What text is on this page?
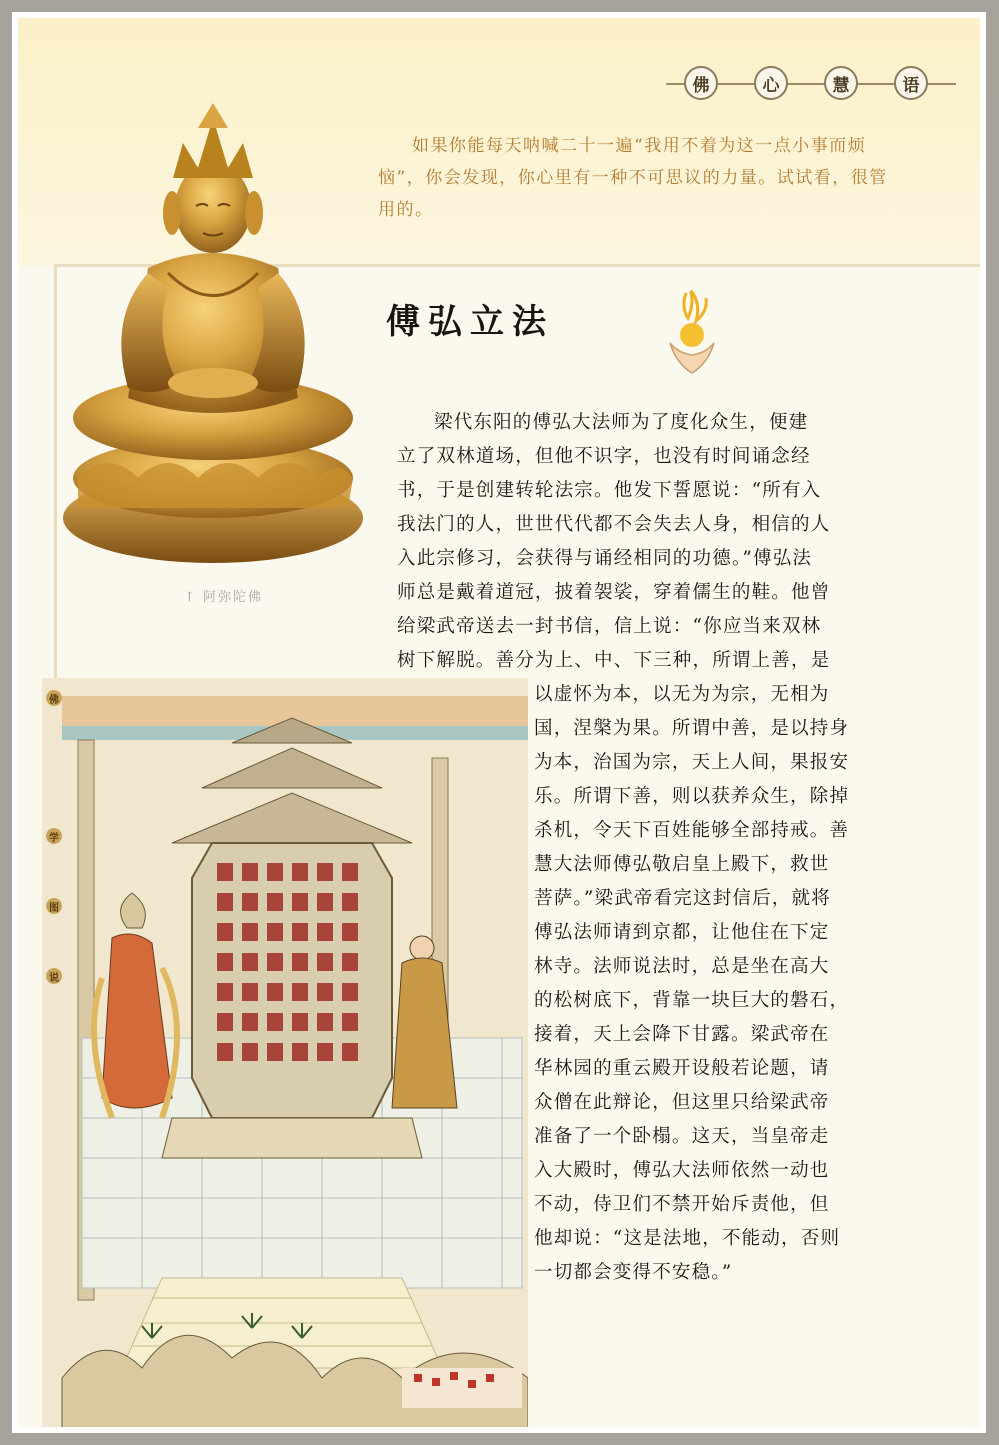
佛	心	慧	语

如果你能每天呐喊二十一遍“我用不着为这一点小事而烦恼”，你会发现，你心里有一种不可思议的力量。试试看，很管用的。

↑ 阿弥陀佛
傅弘立法
佛
学
图
说
梁代东阳的傅弘大法师为了度化众生，便建
立了双林道场，但他不识字，也没有时间诵念经
书，于是创建转轮法宗。他发下誓愿说：“所有入
我法门的人，世世代代都不会失去人身，相信的人
入此宗修习，会获得与诵经相同的功德。”傅弘法
师总是戴着道冠，披着袈裟，穿着儒生的鞋。他曾
给梁武帝送去一封书信，信上说：“你应当来双林
树下解脱。善分为上、中、下三种，所谓上善，是
以虚怀为本，以无为为宗，无相为
国，涅槃为果。所谓中善，是以持身
为本，治国为宗，天上人间，果报安
乐。所谓下善，则以获养众生，除掉
杀机，令天下百姓能够全部持戒。善
慧大法师傅弘敬启皇上殿下，救世
菩萨。”梁武帝看完这封信后，就将
傅弘法师请到京都，让他住在下定
林寺。法师说法时，总是坐在高大
的松树底下，背靠一块巨大的磐石，
接着，天上会降下甘露。梁武帝在
华林园的重云殿开设般若论题，请
众僧在此辩论，但这里只给梁武帝
准备了一个卧榻。这天，当皇帝走
入大殿时，傅弘大法师依然一动也
不动，侍卫们不禁开始斥责他，但
他却说：“这是法地，不能动，否则
一切都会变得不安稳。”
